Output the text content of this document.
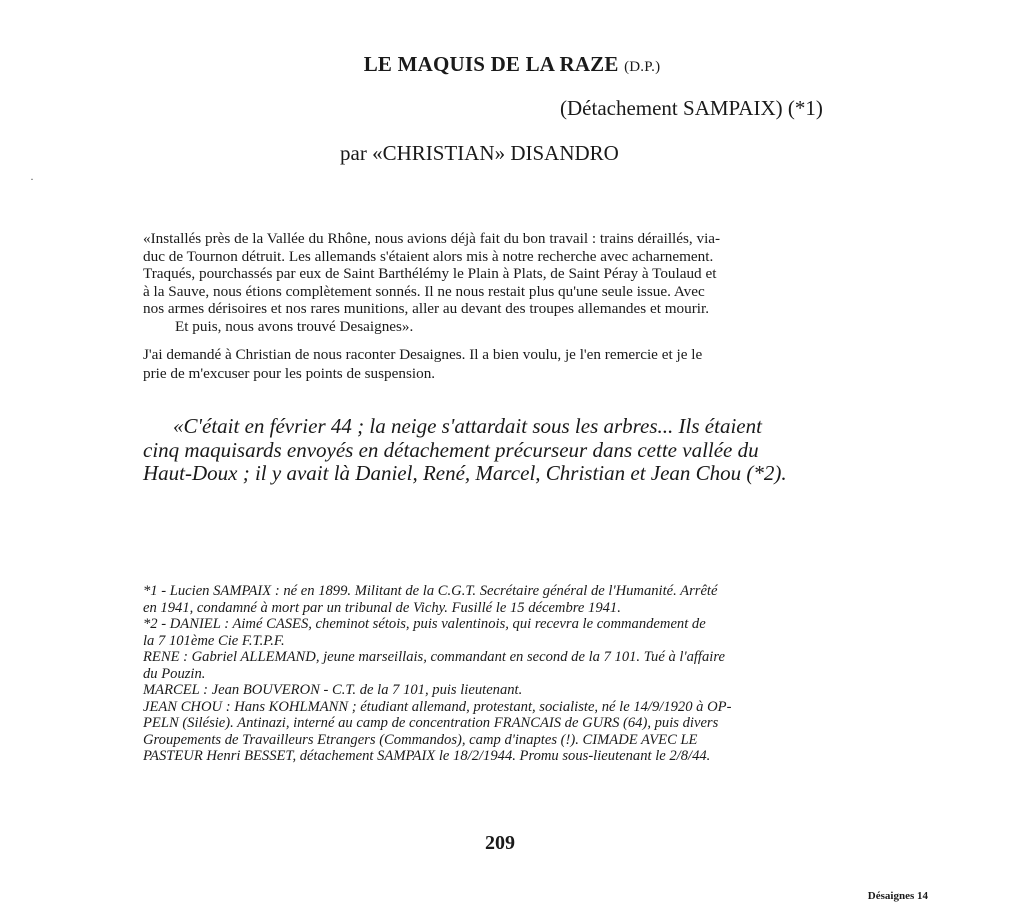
LE MAQUIS DE LA RAZE (D.P.)
(Détachement SAMPAIX) (*1)
par «CHRISTIAN» DISANDRO
·
«Installés près de la Vallée du Rhône, nous avions déjà fait du bon travail : trains déraillés, via-
duc de Tournon détruit. Les allemands s'étaient alors mis à notre recherche avec acharnement.
Traqués, pourchassés par eux de Saint Barthélémy le Plain à Plats, de Saint Péray à Toulaud et
à la Sauve, nous étions complètement sonnés. Il ne nous restait plus qu'une seule issue. Avec
nos armes dérisoires et nos rares munitions, aller au devant des troupes allemandes et mourir.
Et puis, nous avons trouvé Desaignes».
J'ai demandé à Christian de nous raconter Desaignes. Il a bien voulu, je l'en remercie et je le
prie de m'excuser pour les points de suspension.
«C'était en février 44 ; la neige s'attardait sous les arbres... Ils étaient
cinq maquisards envoyés en détachement précurseur dans cette vallée du
Haut-Doux ; il y avait là Daniel, René, Marcel, Christian et Jean Chou (*2).
*1 - Lucien SAMPAIX : né en 1899. Militant de la C.G.T. Secrétaire général de l'Humanité. Arrêté
en 1941, condamné à mort par un tribunal de Vichy. Fusillé le 15 décembre 1941.
*2 - DANIEL : Aimé CASES, cheminot sétois, puis valentinois, qui recevra le commandement de
la 7 101ème Cie F.T.P.F.
RENE : Gabriel ALLEMAND, jeune marseillais, commandant en second de la 7 101. Tué à l'affaire
du Pouzin.
MARCEL : Jean BOUVERON - C.T. de la 7 101, puis lieutenant.
JEAN CHOU : Hans KOHLMANN ; étudiant allemand, protestant, socialiste, né le 14/9/1920 à OP-
PELN (Silésie). Antinazi, interné au camp de concentration FRANCAIS de GURS (64), puis divers
Groupements de Travailleurs Etrangers (Commandos), camp d'inaptes (!). CIMADE AVEC LE
PASTEUR Henri BESSET, détachement SAMPAIX le 18/2/1944. Promu sous-lieutenant le 2/8/44.
209
Désaignes 14
